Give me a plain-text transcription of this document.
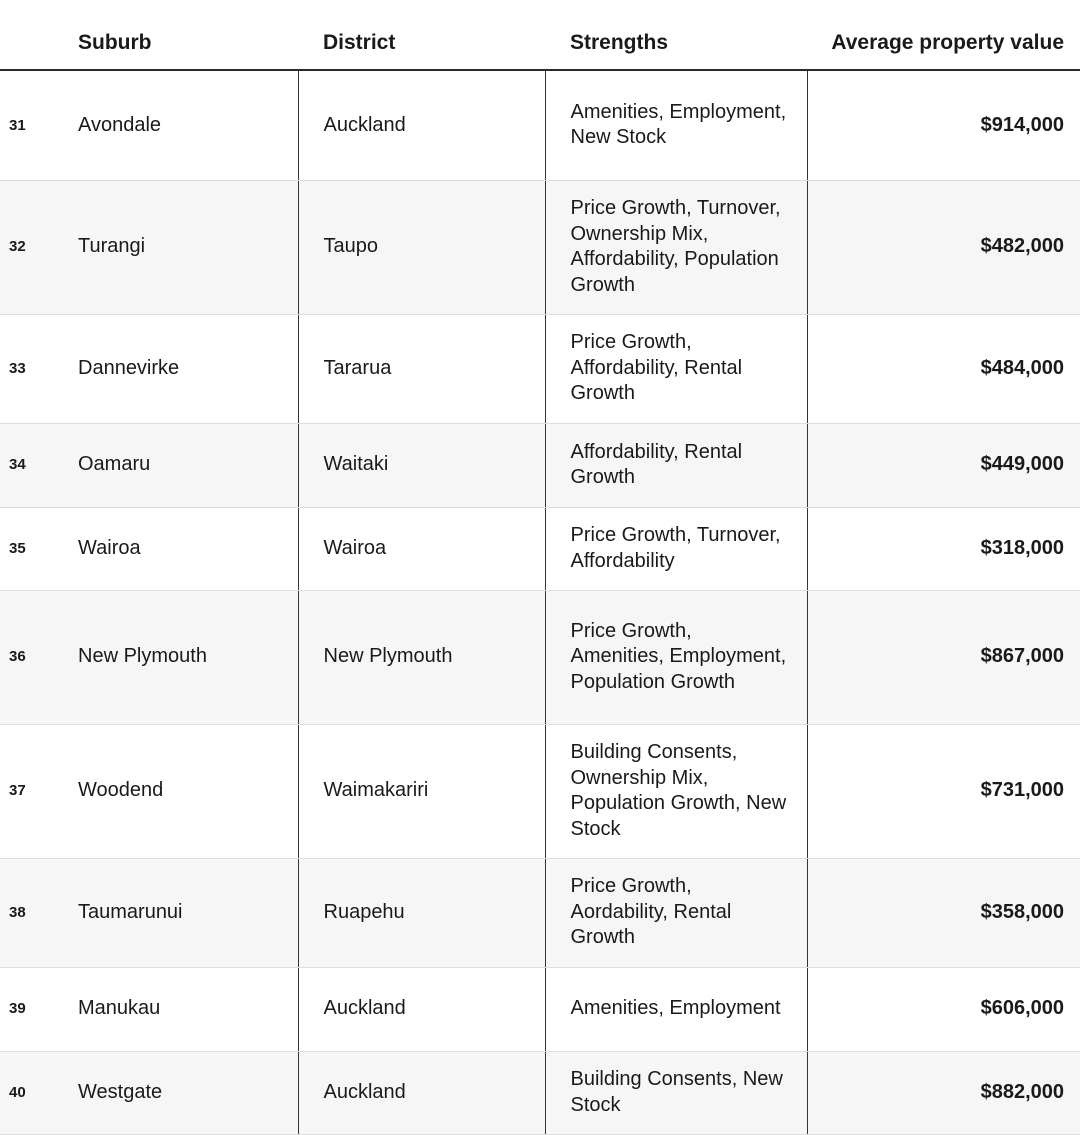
	Suburb	District	Strengths	Average property value
31	Avondale	Auckland	Amenities, Employment, New Stock	$914,000
32	Turangi	Taupo	Price Growth, Turnover, Ownership Mix, Affordability, Population Growth	$482,000
33	Dannevirke	Tararua	Price Growth, Affordability, Rental Growth	$484,000
34	Oamaru	Waitaki	Affordability, Rental Growth	$449,000
35	Wairoa	Wairoa	Price Growth, Turnover, Affordability	$318,000
36	New Plymouth	New Plymouth	Price Growth, Amenities, Employment, Population Growth	$867,000
37	Woodend	Waimakariri	Building Consents, Ownership Mix, Population Growth, New Stock	$731,000
38	Taumarunui	Ruapehu	Price Growth, Aordability, Rental Growth	$358,000
39	Manukau	Auckland	Amenities, Employment	$606,000
40	Westgate	Auckland	Building Consents, New Stock	$882,000
